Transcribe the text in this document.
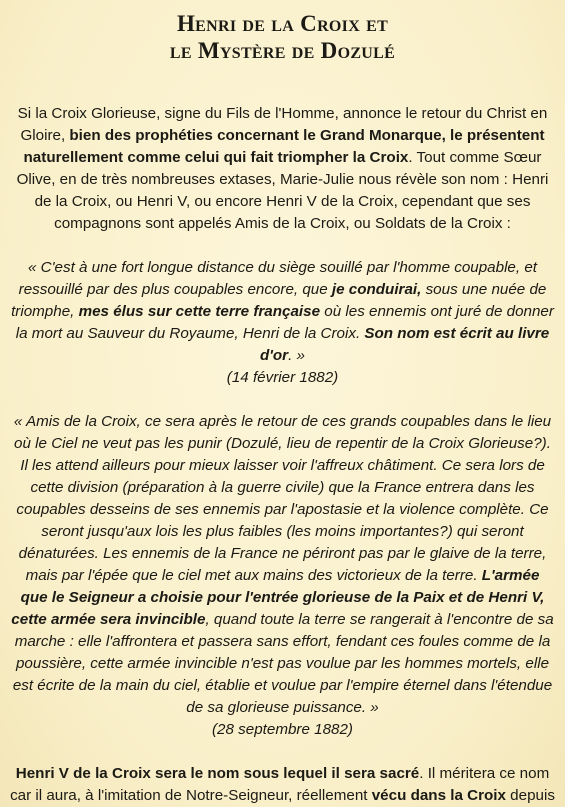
Henri de la Croix et
le Mystère de Dozulé

Si la Croix Glorieuse, signe du Fils de l'Homme, annonce le retour du Christ en Gloire, bien des prophéties concernant le Grand Monarque, le présentent naturellement comme celui qui fait triompher la Croix. Tout comme Sœur Olive, en de très nombreuses extases, Marie-Julie nous révèle son nom : Henri de la Croix, ou Henri V, ou encore Henri V de la Croix, cependant que ses compagnons sont appelés Amis de la Croix, ou Soldats de la Croix :

« C'est à une fort longue distance du siège souillé par l'homme coupable, et ressouillé par des plus coupables encore, que je conduirai, sous une nuée de triomphe, mes élus sur cette terre française où les ennemis ont juré de donner la mort au Sauveur du Royaume, Henri de la Croix. Son nom est écrit au livre d'or. »

(14 février 1882)

« Amis de la Croix, ce sera après le retour de ces grands coupables dans le lieu où le Ciel ne veut pas les punir (Dozulé, lieu de repentir de la Croix Glorieuse?). Il les attend ailleurs pour mieux laisser voir l'affreux châtiment. Ce sera lors de cette division (préparation à la guerre civile) que la France entrera dans les coupables desseins de ses ennemis par l'apostasie et la violence complète. Ce seront jusqu'aux lois les plus faibles (les moins importantes?) qui seront dénaturées. Les ennemis de la France ne périront pas par le glaive de la terre, mais par l'épée que le ciel met aux mains des victorieux de la terre. L'armée que le Seigneur a choisie pour l'entrée glorieuse de la Paix et de Henri V, cette armée sera invincible, quand toute la terre se rangerait à l'encontre de sa marche : elle l'affrontera et passera sans effort, fendant ces foules comme de la poussière, cette armée invincible n'est pas voulue par les hommes mortels, elle est écrite de la main du ciel, établie et voulue par l'empire éternel dans l'étendue de sa glorieuse puissance. »

(28 septembre 1882)

Henri V de la Croix sera le nom sous lequel il sera sacré. Il méritera ce nom car il aura, à l'imitation de Notre-Seigneur, réellement vécu dans la Croix depuis
